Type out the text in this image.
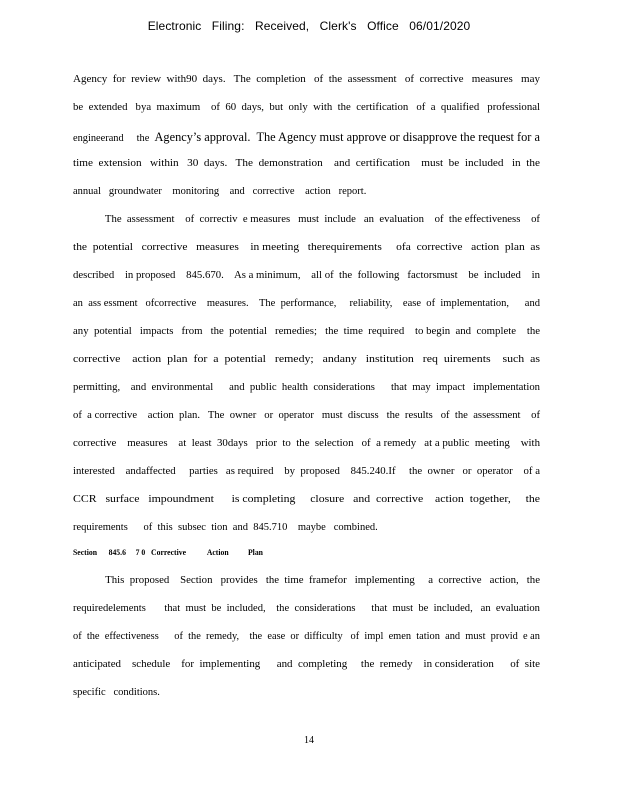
Electronic Filing: Received, Clerk's Office 06/01/2020
Agency  for  review  with90  days.   The  completion   of  the  assessment   of  corrective   measures   may
be  extended   bya  maximum    of  60  days,  but  only  with  the  certification   of  a  qualified   professional
engineerand     the  Agency’s approval.  The Agency must approve or disapprove the request for a
time  extension   within   30  days.   The  demonstration    and  certification    must  be  included   in  the
annual   groundwater    monitoring    and   corrective    action   report.
The  assessment    of  correctiv  e measures   must  include   an  evaluation    of  the effectiveness    of
the  potential   corrective   measures    in meeting   therequirements     ofa  corrective   action  plan  as
described    in proposed    845.670.    As a minimum,    all of  the  following   factorsmust    be  included    in
an  ass essment   ofcorrective    measures.    The  performance,     reliability,    ease  of  implementation,      and
any  potential   impacts   from   the  potential   remedies;   the  time  required    to begin  and  complete    the
corrective    action  plan  for  a  potential   remedy;   andany   institution   req  uirements    such  as
permitting,    and  environmental      and  public  health  considerations      that  may  impact   implementation
of  a corrective    action  plan.   The  owner   or  operator   must  discuss   the  results   of  the  assessment    of
corrective    measures    at  least  30days   prior  to  the  selection   of  a remedy   at a public  meeting    with
interested    andaffected     parties   as required    by  proposed    845.240.If     the  owner   or  operator    of a
CCR   surface   impoundment      is completing     closure   and  corrective    action  together,     the
requirements      of  this  subsec  tion  and  845.710    maybe   combined.
This  proposed    Section   provides   the  time  framefor   implementing     a  corrective   action,   the
requiredelements       that  must  be  included,    the  considerations      that  must  be  included,   an  evaluation
of  the  effectiveness      of  the  remedy,    the  ease  or  difficulty   of  impl  emen  tation  and  must  provid  e an
anticipated    schedule    for  implementing      and  completing     the  remedy    in consideration      of  site
specific   conditions.
Section      845.6     7 0   Corrective           Action          Plan
14
